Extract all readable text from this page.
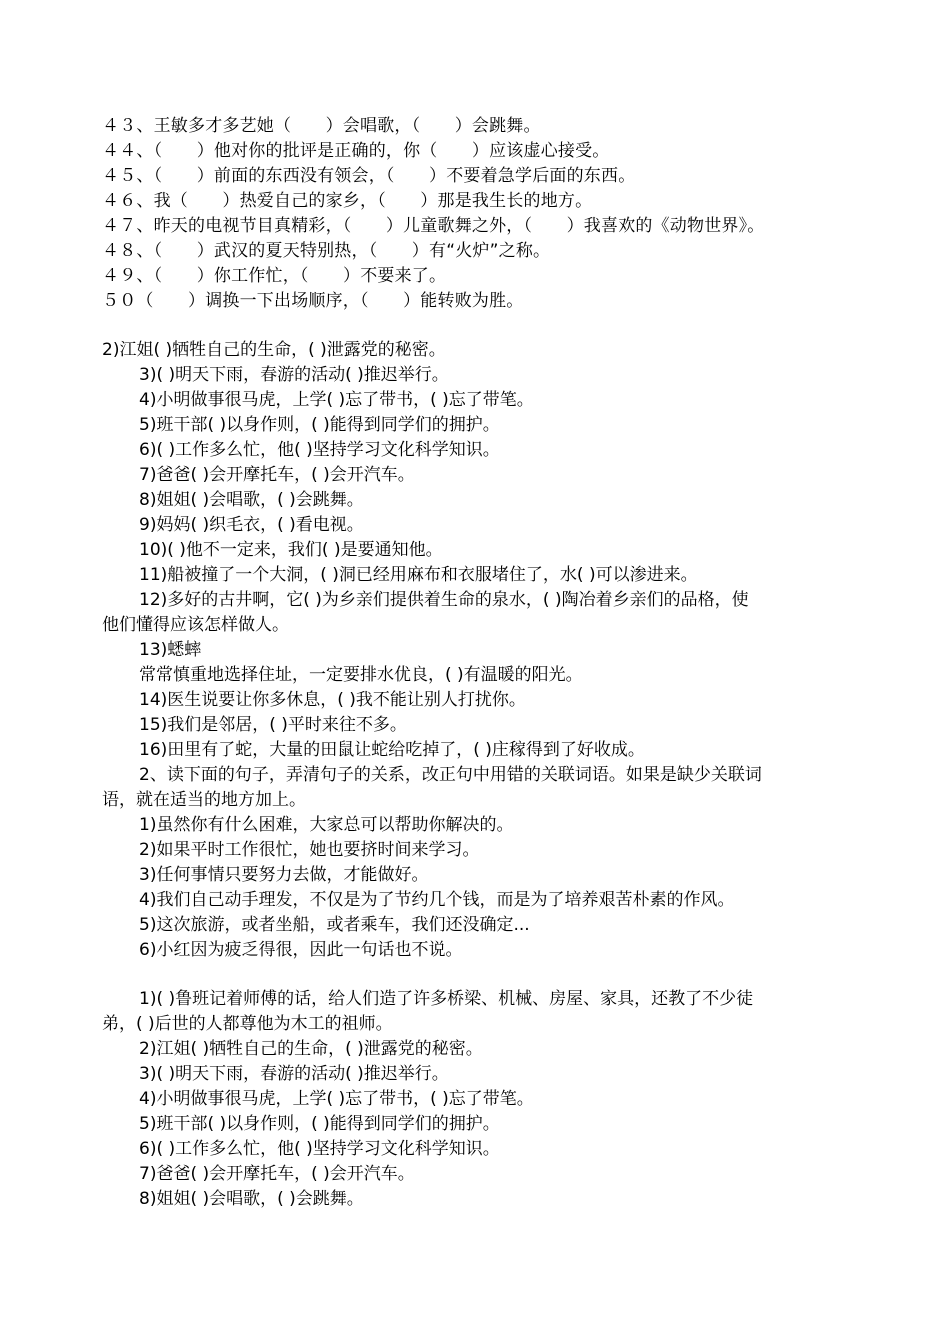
４３、王敏多才多艺她（　　）会唱歌，（　　）会跳舞。
４４、（　　）他对你的批评是正确的，你（　　）应该虚心接受。
４５、（　　）前面的东西没有领会，（　　）不要着急学后面的东西。
４６、我（　　）热爱自己的家乡，（　　）那是我生长的地方。
４７、昨天的电视节目真精彩，（　　）儿童歌舞之外，（　　）我喜欢的《动物世界》。
４８、（　　）武汉的夏天特别热，（　　）有“火炉”之称。
４９、（　　）你工作忙，（　　）不要来了。
５０（　　）调换一下出场顺序，（　　）能转败为胜。
2)江姐( )牺牲自己的生命，( )泄露党的秘密。
3)( )明天下雨，春游的活动( )推迟举行。
4)小明做事很马虎，上学( )忘了带书，( )忘了带笔。
5)班干部( )以身作则，( )能得到同学们的拥护。
6)( )工作多么忙，他( )坚持学习文化科学知识。
7)爸爸( )会开摩托车，( )会开汽车。
8)姐姐( )会唱歌，( )会跳舞。
9)妈妈( )织毛衣，( )看电视。
10)( )他不一定来，我们( )是要通知他。
11)船被撞了一个大洞，( )洞已经用麻布和衣服堵住了，水( )可以渗进来。
12)多好的古井啊，它( )为乡亲们提供着生命的泉水，( )陶冶着乡亲们的品格，使
他们懂得应该怎样做人。
13)蟋蟀
常常慎重地选择住址，一定要排水优良，( )有温暖的阳光。
14)医生说要让你多休息，( )我不能让别人打扰你。
15)我们是邻居，( )平时来往不多。
16)田里有了蛇，大量的田鼠让蛇给吃掉了，( )庄稼得到了好收成。
2、读下面的句子，弄清句子的关系，改正句中用错的关联词语。如果是缺少关联词
语，就在适当的地方加上。
1)虽然你有什么困难，大家总可以帮助你解决的。
2)如果平时工作很忙，她也要挤时间来学习。
3)任何事情只要努力去做，才能做好。
4)我们自己动手理发，不仅是为了节约几个钱，而是为了培养艰苦朴素的作风。
5)这次旅游，或者坐船，或者乘车，我们还没确定...
6)小红因为疲乏得很，因此一句话也不说。
1)( )鲁班记着师傅的话，给人们造了许多桥梁、机械、房屋、家具，还教了不少徒
弟，( )后世的人都尊他为木工的祖师。
2)江姐( )牺牲自己的生命，( )泄露党的秘密。
3)( )明天下雨，春游的活动( )推迟举行。
4)小明做事很马虎，上学( )忘了带书，( )忘了带笔。
5)班干部( )以身作则，( )能得到同学们的拥护。
6)( )工作多么忙，他( )坚持学习文化科学知识。
7)爸爸( )会开摩托车，( )会开汽车。
8)姐姐( )会唱歌，( )会跳舞。
